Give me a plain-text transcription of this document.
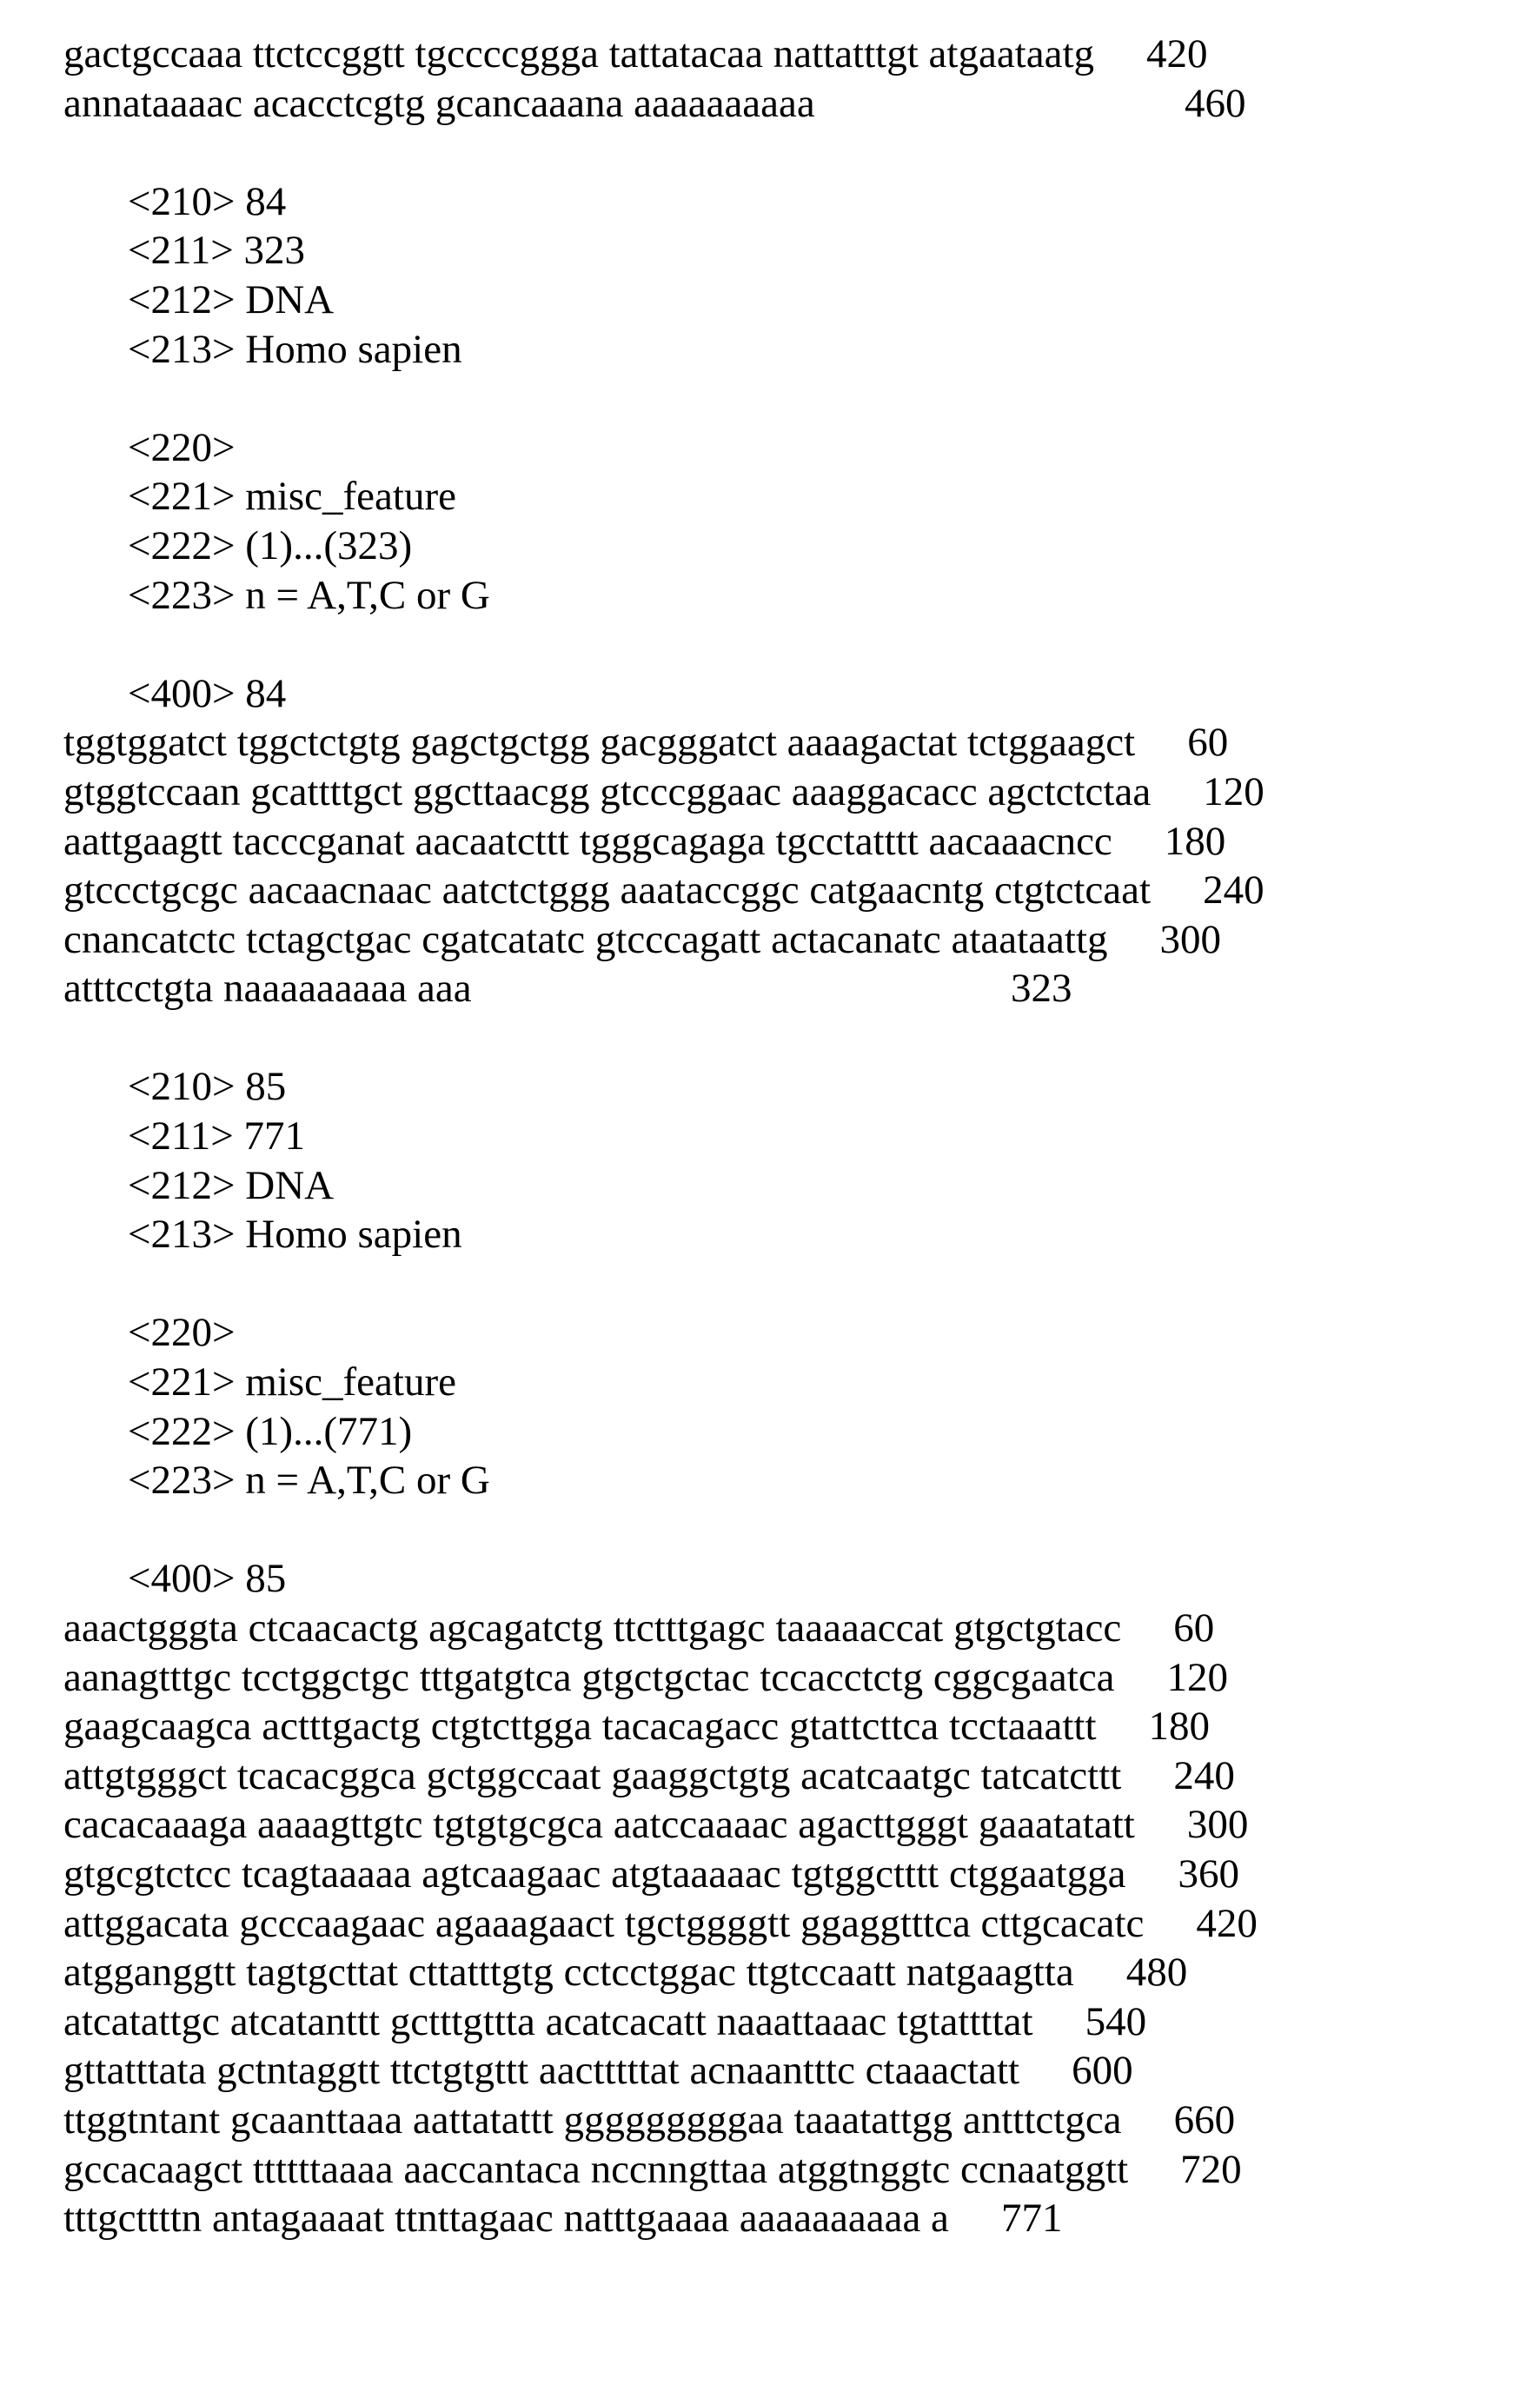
gactgccaaa ttctccggtt tgccccggga tattatacaa nattatttgt atgaataatg 420
annataaaac acacctcgtg gcancaaana aaaaaaaaaa	460
<210> 84
<211> 323
<212> DNA
<213> Homo sapien
<220>
<221> misc_feature
<222> (1)...(323)
<223> n = A,T,C or G
<400> 84
tggtggatct tggctctgtg gagctgctgg gacgggatct aaaagactat tctggaagct 60
gtggtccaan gcattttgct ggcttaacgg gtcccggaac aaaggacacc agctctctaa 120
aattgaagtt tacccganat aacaatcttt tgggcagaga tgcctatttt aacaaacncc 180
gtccctgcgc aacaacnaac aatctctggg aaataccggc catgaacntg ctgtctcaat 240
cnancatctc tctagctgac cgatcatatc gtcccagatt actacanatc ataataattg 300
atttcctgta naaaaaaaaa aaa	323
<210> 85
<211> 771
<212> DNA
<213> Homo sapien
<220>
<221> misc_feature
<222> (1)...(771)
<223> n = A,T,C or G
<400> 85
aaactgggta ctcaacactg agcagatctg ttctttgagc taaaaaccat gtgctgtacc 60
aanagtttgc tcctggctgc tttgatgtca gtgctgctac tccacctctg cggcgaatca 120
gaagcaagca actttgactg ctgtcttgga tacacagacc gtattcttca tcctaaattt 180
attgtgggct tcacacggca gctggccaat gaaggctgtg acatcaatgc tatcatcttt 240
cacacaaaga aaaagttgtc tgtgtgcgca aatccaaaac agacttgggt gaaatatatt 300
gtgcgtctcc tcagtaaaaa agtcaagaac atgtaaaaac tgtggctttt ctggaatgga 360
attggacata gcccaagaac agaaagaact tgctggggtt ggaggtttca cttgcacatc 420
atgganggtt tagtgcttat cttatttgtg cctcctggac ttgtccaatt natgaagtta 480
atcatattgc atcatanttt gctttgttta acatcacatt naaattaaac tgtattttat 540
gttatttata gctntaggtt ttctgtgttt aactttttat acnaantttc ctaaactatt 600
ttggtntant gcaanttaaa aattatattt gggggggggaa taaatattgg antttctgca 660
gccacaagct ttttttaaaa aaccantaca nccnngttaa atggtnggtc ccnaatggtt 720
tttgcttttn antagaaaat ttnttagaac natttgaaaa aaaaaaaaaa a 771
